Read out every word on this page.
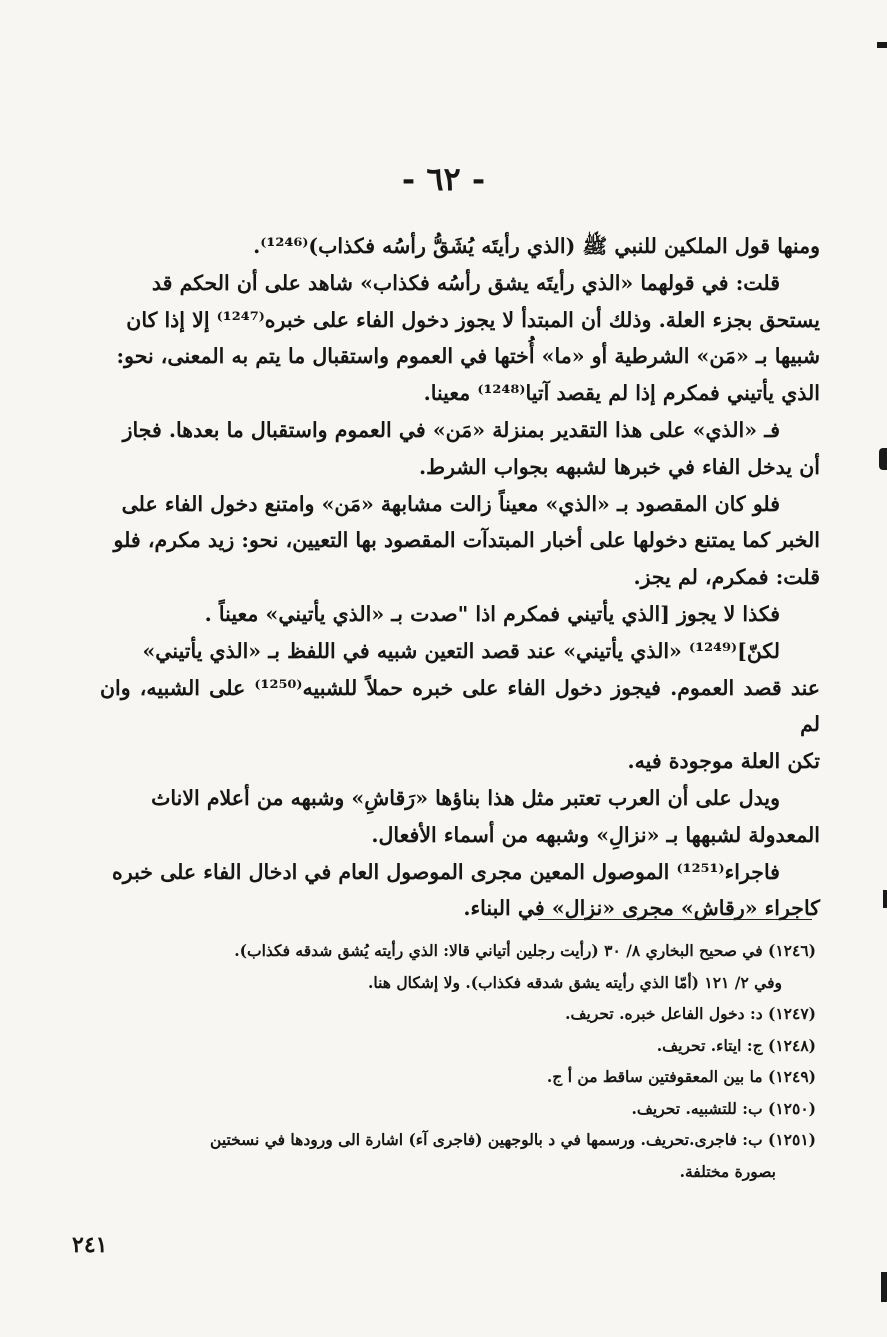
- ٦٢ -

ومنها قول الملكين للنبي ﷺ (الذي رأيتَه يُشَقُّ رأسُه فكذاب)⁽¹²⁴⁶⁾.

قلت: في قولهما «الذي رأيتَه يشق رأسُه فكذاب» شاهد على أن الحكم قد

يستحق بجزء العلة. وذلك أن المبتدأ لا يجوز دخول الفاء على خبره⁽¹²⁴⁷⁾ إلا إذا كان

شبيها بـ «مَن» الشرطية أو «ما» أُختها في العموم واستقبال ما يتم به المعنى، نحو:

الذي يأتيني فمكرم إذا لم يقصد آتيا⁽¹²⁴⁸⁾ معينا.

فـ «الذي» على هذا التقدير بمنزلة «مَن» في العموم واستقبال ما بعدها. فجاز

أن يدخل الفاء في خبرها لشبهه بجواب الشرط.

فلو كان المقصود بـ «الذي» معيناً زالت مشابهة «مَن» وامتنع دخول الفاء على

الخبر كما يمتنع دخولها على أخبار المبتدآت المقصود بها التعيين، نحو: زيد مكرم، فلو

قلت: فمكرم، لم يجز.

فكذا لا يجوز [الذي يأتيني فمكرم اذا "صدت بـ «الذي يأتيني» معيناً .

لكنّ]⁽¹²⁴⁹⁾ «الذي يأتيني» عند قصد التعين شبيه في اللفظ بـ «الذي يأتيني»

عند قصد العموم. فيجوز دخول الفاء على خبره حملاً للشبيه⁽¹²⁵⁰⁾ على الشبيه، وان لم

تكن العلة موجودة فيه.

ويدل على أن العرب تعتبر مثل هذا بناؤها «رَقاشِ» وشبهه من أعلام الاناث

المعدولة لشبهها بـ «نزالِ» وشبهه من أسماء الأفعال.

فاجراء⁽¹²⁵¹⁾ الموصول المعين مجرى الموصول العام في ادخال الفاء على خبره

كاجراء «رقاش» مجرى «نزال» في البناء.

(١٢٤٦) في صحيح البخاري ٨/ ٣٠ (رأيت رجلين أتياني قالا: الذي رأيته يُشق شدقه فكذاب).

وفي ٢/ ١٢١ (أمّا الذي رأيته يشق شدقه فكذاب). ولا إشكال هنا.

(١٢٤٧) د: دخول الفاعل خبره. تحريف.

(١٢٤٨) ج: ايتاء. تحريف.

(١٢٤٩) ما بين المعقوفتين ساقط من أ ج.

(١٢٥٠) ب: للتشبيه. تحريف.

(١٢٥١) ب: فاجرى.تحريف. ورسمها في د بالوجهين (فاجرى آء) اشارة الى ورودها في نسختين

بصورة مختلفة.

٢٤١
